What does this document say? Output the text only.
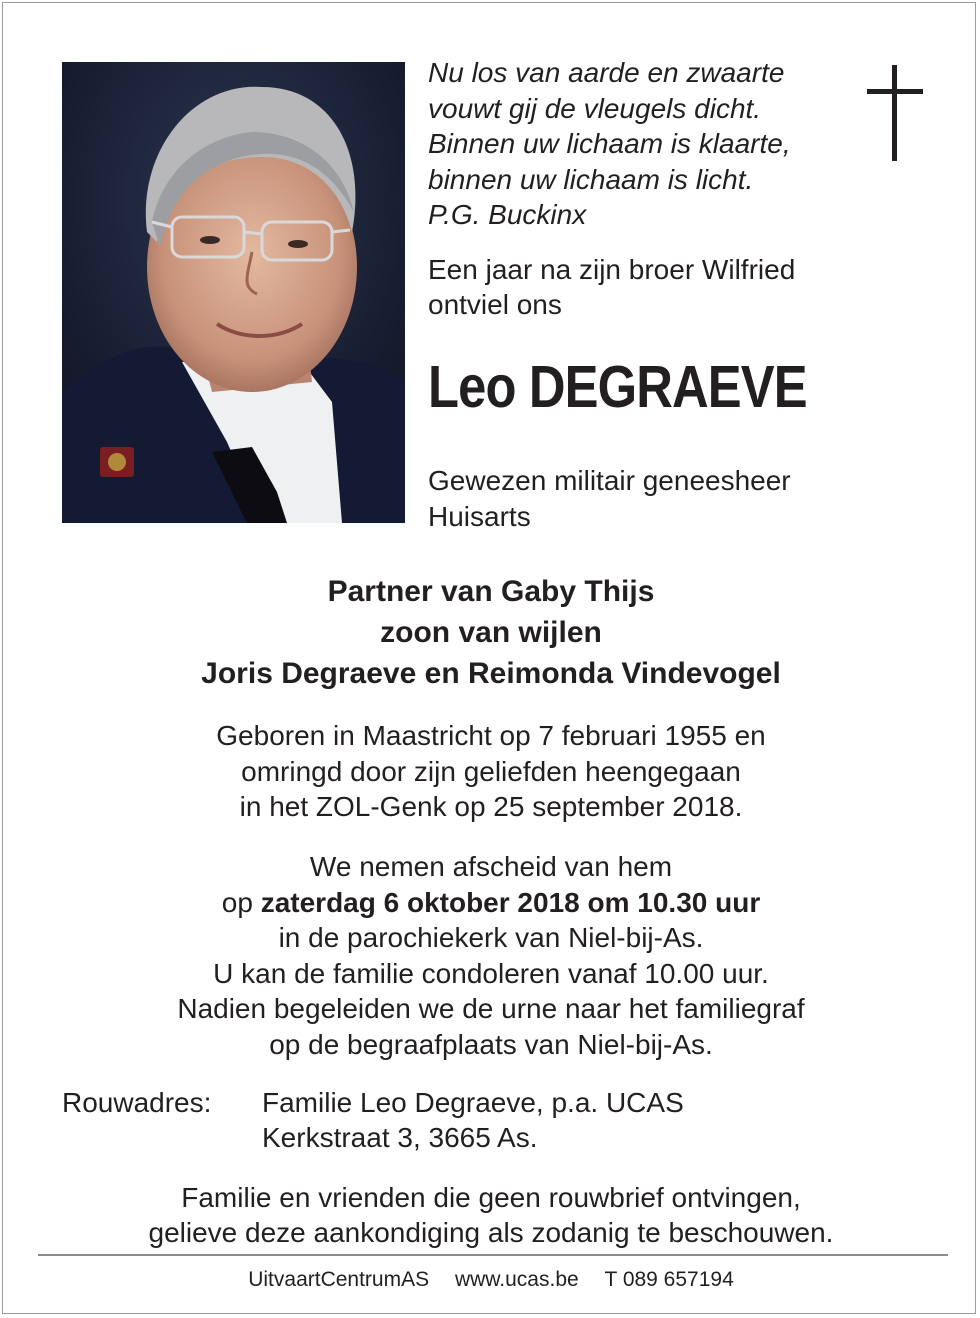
Nu los van aarde en zwaarte
vouwt gij de vleugels dicht.
Binnen uw lichaam is klaarte,
binnen uw lichaam is licht.
P.G. Buckinx
Een jaar na zijn broer Wilfried
ontviel ons
Leo DEGRAEVE
Gewezen militair geneesheer
Huisarts
Partner van Gaby Thijs
zoon van wijlen
Joris Degraeve en Reimonda Vindevogel
Geboren in Maastricht op 7 februari 1955 en
omringd door zijn geliefden heengegaan
in het ZOL-Genk op 25 september 2018.
We nemen afscheid van hem
op zaterdag 6 oktober 2018 om 10.30 uur
in de parochiekerk van Niel-bij-As.
U kan de familie condoleren vanaf 10.00 uur.
Nadien begeleiden we de urne naar het familiegraf
op de begraafplaats van Niel-bij-As.
Rouwadres: Familie Leo Degraeve, p.a. UCAS
Kerkstraat 3, 3665 As.
Familie en vrienden die geen rouwbrief ontvingen,
gelieve deze aankondiging als zodanig te beschouwen.
UitvaartCentrumAS www.ucas.be T 089 657194
